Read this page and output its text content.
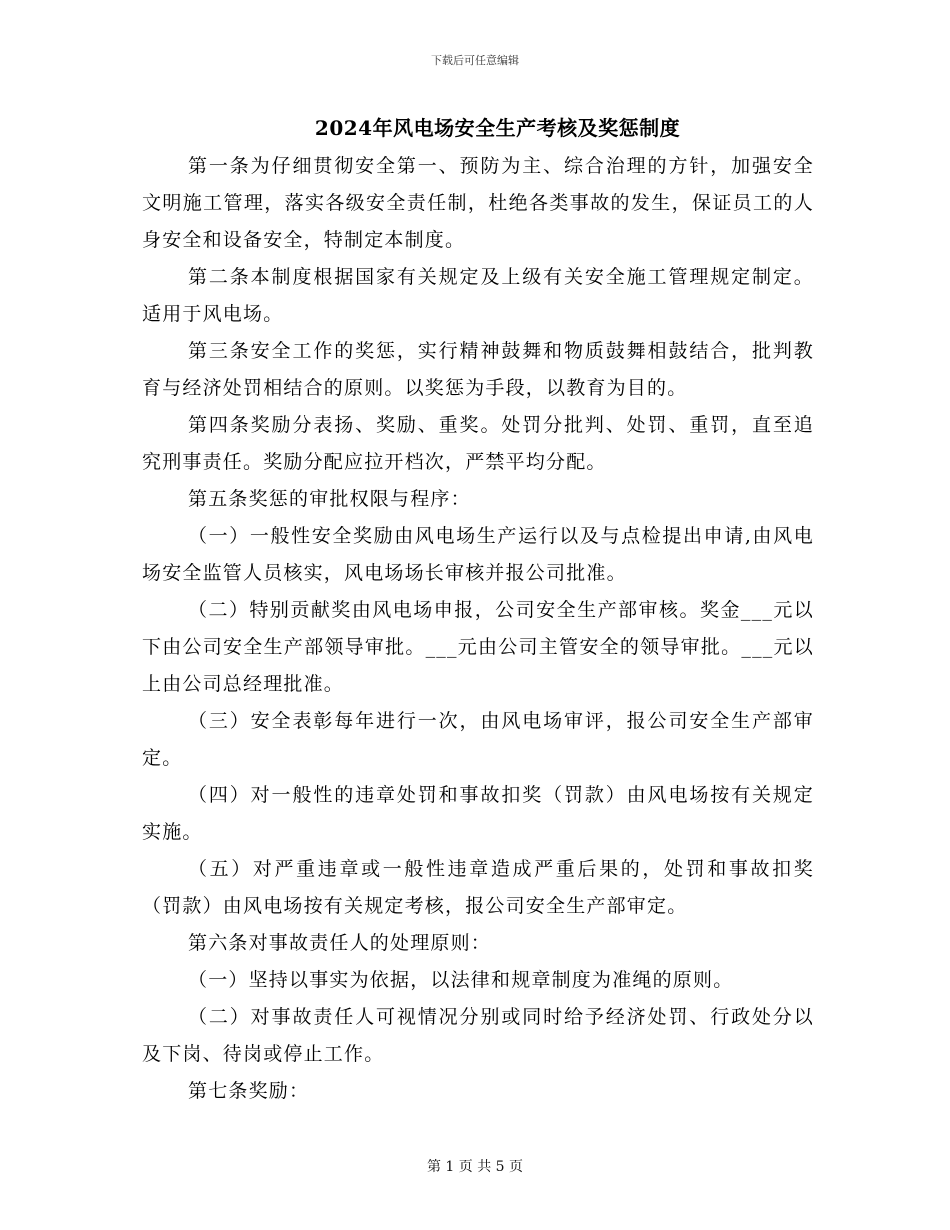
下载后可任意编辑
2024年风电场安全生产考核及奖惩制度

第一条为仔细贯彻安全第一、预防为主、综合治理的方针，加强安全文明施工管理，落实各级安全责任制，杜绝各类事故的发生，保证员工的人身安全和设备安全，特制定本制度。

第二条本制度根据国家有关规定及上级有关安全施工管理规定制定。适用于风电场。

第三条安全工作的奖惩，实行精神鼓舞和物质鼓舞相鼓结合，批判教育与经济处罚相结合的原则。以奖惩为手段，以教育为目的。

第四条奖励分表扬、奖励、重奖。处罚分批判、处罚、重罚，直至追究刑事责任。奖励分配应拉开档次，严禁平均分配。

第五条奖惩的审批权限与程序：

（一）一般性安全奖励由风电场生产运行以及与点检提出申请,由风电场安全监管人员核实，风电场场长审核并报公司批准。

（二）特别贡献奖由风电场申报，公司安全生产部审核。奖金___元以下由公司安全生产部领导审批。___元由公司主管安全的领导审批。___元以上由公司总经理批准。

（三）安全表彰每年进行一次，由风电场审评，报公司安全生产部审定。

（四）对一般性的违章处罚和事故扣奖（罚款）由风电场按有关规定实施。

（五）对严重违章或一般性违章造成严重后果的，处罚和事故扣奖（罚款）由风电场按有关规定考核，报公司安全生产部审定。

第六条对事故责任人的处理原则：

（一）坚持以事实为依据，以法律和规章制度为准绳的原则。

（二）对事故责任人可视情况分别或同时给予经济处罚、行政处分以及下岗、待岗或停止工作。

第七条奖励：

第 1 页 共 5 页
